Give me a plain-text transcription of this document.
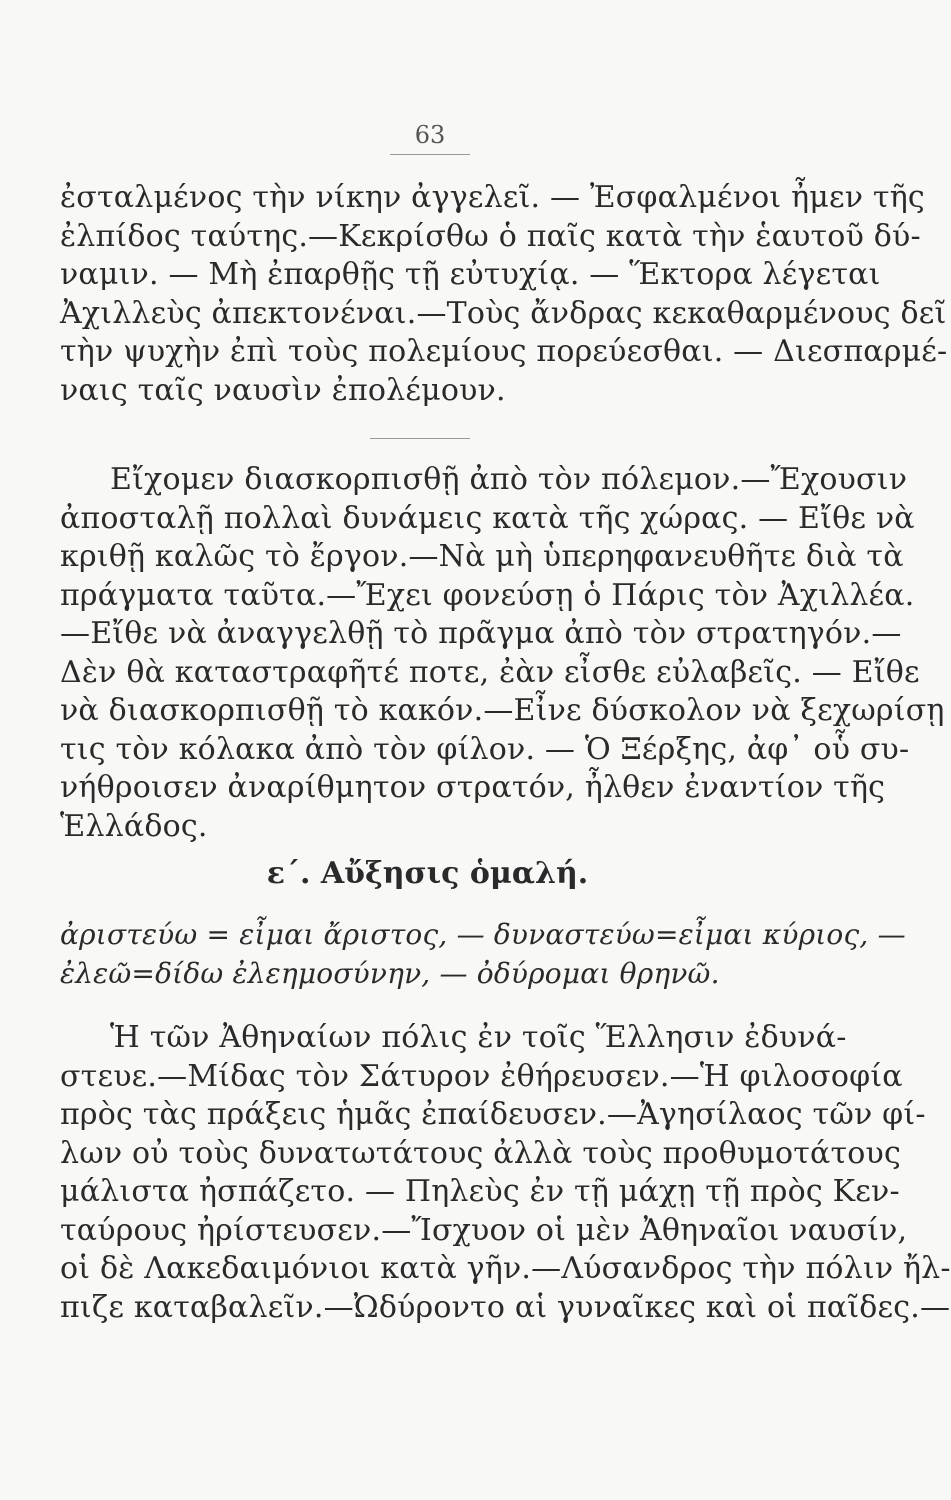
63
ἐσταλμένος τὴν νίκην ἀγγελεῖ. — Ἐσφαλμένοι ἦμεν τῆς
ἐλπίδος ταύτης.—Κεκρίσθω ὁ παῖς κατὰ τὴν ἑαυτοῦ δύ-
ναμιν. — Μὴ ἐπαρθῇς τῇ εὐτυχίᾳ. — Ἕκτορα λέγεται
Ἀχιλλεὺς ἀπεκτονέναι.—Τοὺς ἄνδρας κεκαθαρμένους δεῖ
τὴν ψυχὴν ἐπὶ τοὺς πολεμίους πορεύεσθαι. — Διεσπαρμέ-
ναις ταῖς ναυσὶν ἐπολέμουν.
Εἴχομεν διασκορπισθῇ ἀπὸ τὸν πόλεμον.—Ἔχουσιν
ἀποσταλῇ πολλαὶ δυνάμεις κατὰ τῆς χώρας. — Εἴθε νὰ
κριθῇ καλῶς τὸ ἔργον.—Νὰ μὴ ὑπερηφανευθῆτε διὰ τὰ
πράγματα ταῦτα.—Ἔχει φονεύσῃ ὁ Πάρις τὸν Ἀχιλλέα.
—Εἴθε νὰ ἀναγγελθῇ τὸ πρᾶγμα ἀπὸ τὸν στρατηγόν.—
Δὲν θὰ καταστραφῆτέ ποτε, ἐὰν εἶσθε εὐλαβεῖς. — Εἴθε
νὰ διασκορπισθῇ τὸ κακόν.—Εἶνε δύσκολον νὰ ξεχωρίσῃ
τις τὸν κόλακα ἀπὸ τὸν φίλον. — Ὁ Ξέρξης, ἀφ᾽ οὗ συ-
νήθροισεν ἀναρίθμητον στρατόν, ἦλθεν ἐναντίον τῆς
Ἑλλάδος.
ε΄. Αὔξησις ὁμαλή.
ἀριστεύω = εἶμαι ἄριστος, — δυναστεύω=εἶμαι κύριος, —
ἐλεῶ=δίδω ἐλεημοσύνην, — ὀδύρομαι θρηνῶ.
Ἡ τῶν Ἀθηναίων πόλις ἐν τοῖς Ἕλλησιν ἐδυνά-
στευε.—Μίδας τὸν Σάτυρον ἐθήρευσεν.—Ἡ φιλοσοφία
πρὸς τὰς πράξεις ἡμᾶς ἐπαίδευσεν.—Ἀγησίλαος τῶν φί-
λων οὐ τοὺς δυνατωτάτους ἀλλὰ τοὺς προθυμοτάτους
μάλιστα ἠσπάζετο. — Πηλεὺς ἐν τῇ μάχῃ τῇ πρὸς Κεν-
ταύρους ἠρίστευσεν.—Ἴσχυον οἱ μὲν Ἀθηναῖοι ναυσίν,
οἱ δὲ Λακεδαιμόνιοι κατὰ γῆν.—Λύσανδρος τὴν πόλιν ἤλ-
πιζε καταβαλεῖν.—Ὠδύροντο αἱ γυναῖκες καὶ οἱ παῖδες.—
